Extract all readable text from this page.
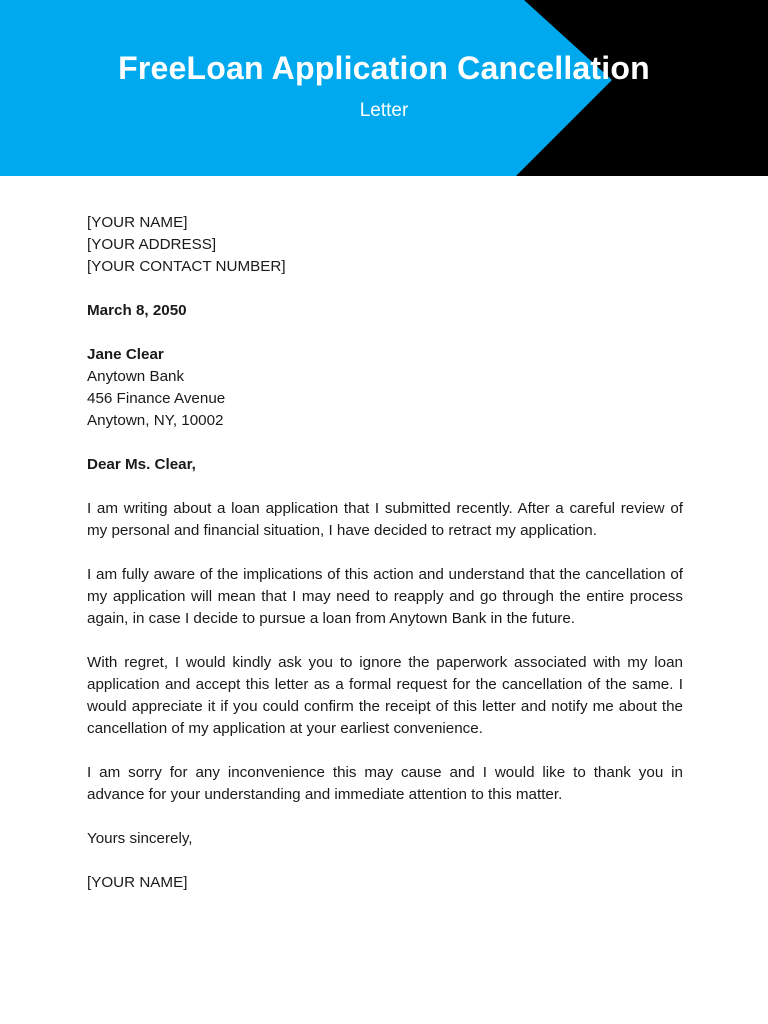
FreeLoan Application Cancellation
Letter
[YOUR NAME]
[YOUR ADDRESS]
[YOUR CONTACT NUMBER]
March 8, 2050
Jane Clear
Anytown Bank
456 Finance Avenue
Anytown, NY, 10002
Dear Ms. Clear,

I am writing about a loan application that I submitted recently. After a careful review of my personal and financial situation, I have decided to retract my application.

I am fully aware of the implications of this action and understand that the cancellation of my application will mean that I may need to reapply and go through the entire process again, in case I decide to pursue a loan from Anytown Bank in the future.

With regret, I would kindly ask you to ignore the paperwork associated with my loan application and accept this letter as a formal request for the cancellation of the same. I would appreciate it if you could confirm the receipt of this letter and notify me about the cancellation of my application at your earliest convenience.

I am sorry for any inconvenience this may cause and I would like to thank you in advance for your understanding and immediate attention to this matter.

Yours sincerely,
[YOUR NAME]
